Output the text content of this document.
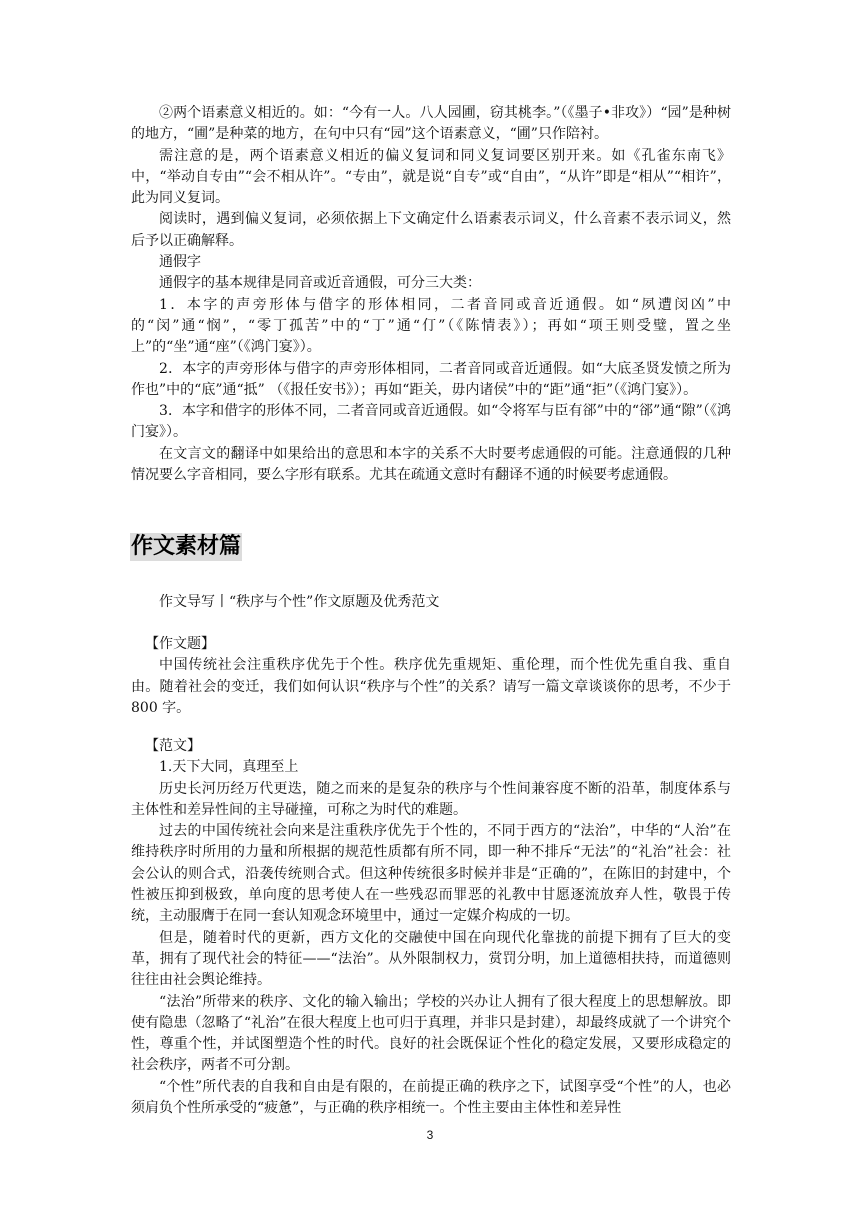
②两个语素意义相近的。如：“今有一人。八人园圃，窃其桃李。”（《墨子•非攻》）“园”是种树的地方，“圃”是种菜的地方，在句中只有“园”这个语素意义，“圃”只作陪衬。

需注意的是，两个语素意义相近的偏义复词和同义复词要区别开来。如《孔雀东南飞》中，“举动自专由”“会不相从许”。“专由”，就是说“自专”或“自由”，“从许”即是“相从”“相许”，此为同义复词。

阅读时，遇到偏义复词，必须依据上下文确定什么语素表示词义，什么音素不表示词义，然后予以正确解释。

通假字

通假字的基本规律是同音或近音通假，可分三大类：

1．本字的声旁形体与借字的形体相同，二者音同或音近通假。如“夙遭闵凶”中的“闵”通“悯”，“零丁孤苦”中的“丁”通“仃”（《陈情表》）；再如“项王则受璧，置之坐上”的“坐”通“座”（《鸿门宴》）。

2．本字的声旁形体与借字的声旁形体相同，二者音同或音近通假。如“大底圣贤发愤之所为作也”中的“底”通“抵” （《报任安书》）；再如“距关，毋内诸侯”中的“距”通“拒”（《鸿门宴》）。

3．本字和借字的形体不同，二者音同或音近通假。如“令将军与臣有郤”中的“郤”通“隙”（《鸿门宴》）。

在文言文的翻译中如果给出的意思和本字的关系不大时要考虑通假的可能。注意通假的几种情况要么字音相同，要么字形有联系。尤其在疏通文意时有翻译不通的时候要考虑通假。

作文素材篇

作文导写丨“秩序与个性”作文原题及优秀范文

【作文题】

中国传统社会注重秩序优先于个性。秩序优先重规矩、重伦理，而个性优先重自我、重自由。随着社会的变迁，我们如何认识“秩序与个性”的关系？请写一篇文章谈谈你的思考，不少于 800 字。

【范文】

1.天下大同，真理至上

历史长河历经万代更迭，随之而来的是复杂的秩序与个性间兼容度不断的沿革，制度体系与主体性和差异性间的主导碰撞，可称之为时代的难题。

过去的中国传统社会向来是注重秩序优先于个性的，不同于西方的“法治”，中华的“人治”在维持秩序时所用的力量和所根据的规范性质都有所不同，即一种不排斥“无法”的“礼治”社会：社会公认的则合式，沿袭传统则合式。但这种传统很多时候并非是“正确的”，在陈旧的封建中，个性被压抑到极致，单向度的思考使人在一些残忍而罪恶的礼教中甘愿逐流放弃人性，敬畏于传统，主动服膺于在同一套认知观念环境里中，通过一定媒介构成的一切。

但是，随着时代的更新，西方文化的交融使中国在向现代化靠拢的前提下拥有了巨大的变革，拥有了现代社会的特征——“法治”。从外限制权力，赏罚分明，加上道德相扶持，而道德则往往由社会舆论维持。

“法治”所带来的秩序、文化的输入输出；学校的兴办让人拥有了很大程度上的思想解放。即使有隐患（忽略了“礼治”在很大程度上也可归于真理，并非只是封建），却最终成就了一个讲究个性，尊重个性，并试图塑造个性的时代。良好的社会既保证个性化的稳定发展，又要形成稳定的社会秩序，两者不可分割。

“个性”所代表的自我和自由是有限的，在前提正确的秩序之下，试图享受“个性”的人，也必须肩负个性所承受的“疲惫”，与正确的秩序相统一。个性主要由主体性和差异性

3
